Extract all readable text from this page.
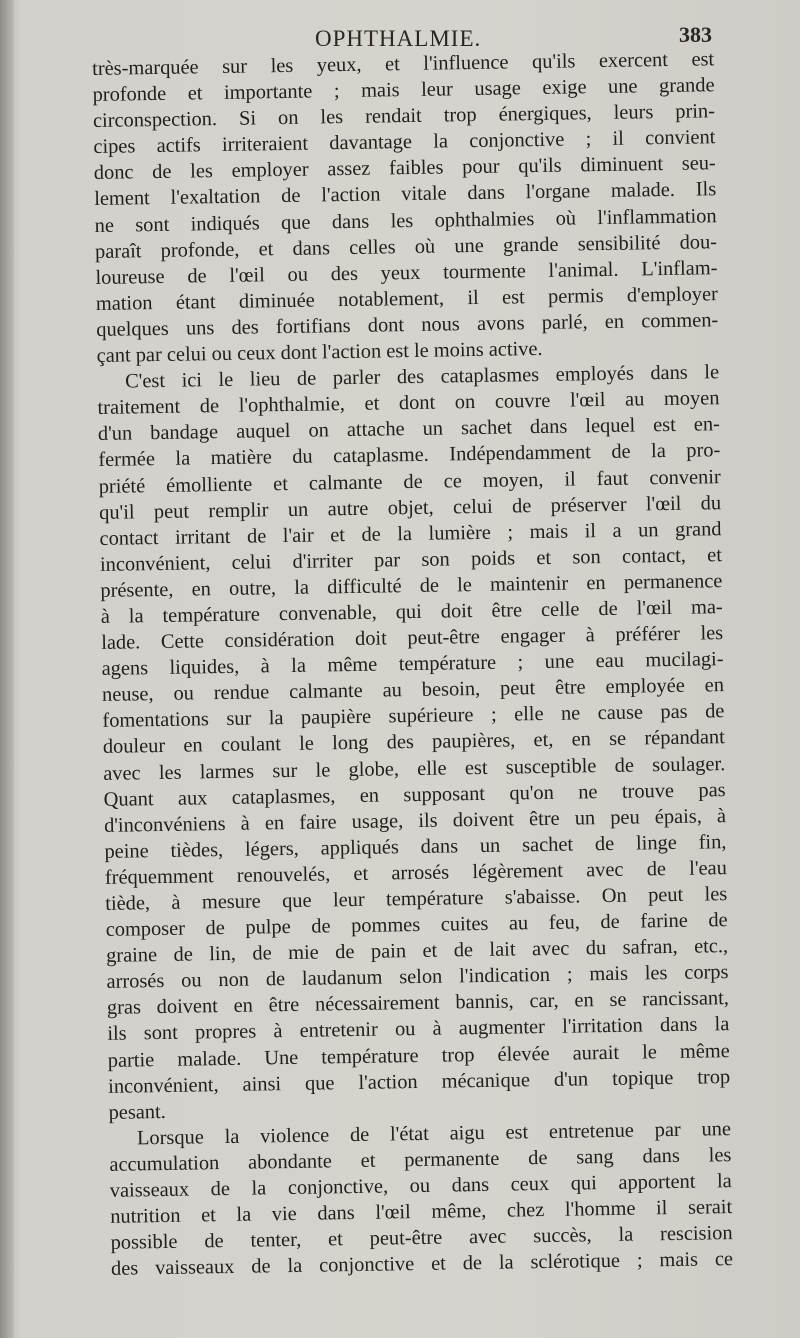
OPHTHALMIE.	383
très-marquée sur les yeux, et l'influence qu'ils exercent est
profonde et importante ; mais leur usage exige une grande
circonspection. Si on les rendait trop énergiques, leurs prin-
cipes actifs irriteraient davantage la conjonctive ; il convient
donc de les employer assez faibles pour qu'ils diminuent seu-
lement l'exaltation de l'action vitale dans l'organe malade. Ils
ne sont indiqués que dans les ophthalmies où l'inflammation
paraît profonde, et dans celles où une grande sensibilité dou-
loureuse de l'œil ou des yeux tourmente l'animal. L'inflam-
mation étant diminuée notablement, il est permis d'employer
quelques uns des fortifians dont nous avons parlé, en commen-
çant par celui ou ceux dont l'action est le moins active.
C'est ici le lieu de parler des cataplasmes employés dans le
traitement de l'ophthalmie, et dont on couvre l'œil au moyen
d'un bandage auquel on attache un sachet dans lequel est en-
fermée la matière du cataplasme. Indépendamment de la pro-
priété émolliente et calmante de ce moyen, il faut convenir
qu'il peut remplir un autre objet, celui de préserver l'œil du
contact irritant de l'air et de la lumière ; mais il a un grand
inconvénient, celui d'irriter par son poids et son contact, et
présente, en outre, la difficulté de le maintenir en permanence
à la température convenable, qui doit être celle de l'œil ma-
lade. Cette considération doit peut-être engager à préférer les
agens liquides, à la même température ; une eau mucilagi-
neuse, ou rendue calmante au besoin, peut être employée en
fomentations sur la paupière supérieure ; elle ne cause pas de
douleur en coulant le long des paupières, et, en se répandant
avec les larmes sur le globe, elle est susceptible de soulager.
Quant aux cataplasmes, en supposant qu'on ne trouve pas
d'inconvéniens à en faire usage, ils doivent être un peu épais, à
peine tièdes, légers, appliqués dans un sachet de linge fin,
fréquemment renouvelés, et arrosés légèrement avec de l'eau
tiède, à mesure que leur température s'abaisse. On peut les
composer de pulpe de pommes cuites au feu, de farine de
graine de lin, de mie de pain et de lait avec du safran, etc.,
arrosés ou non de laudanum selon l'indication ; mais les corps
gras doivent en être nécessairement bannis, car, en se rancissant,
ils sont propres à entretenir ou à augmenter l'irritation dans la
partie malade. Une température trop élevée aurait le même
inconvénient, ainsi que l'action mécanique d'un topique trop
pesant.
Lorsque la violence de l'état aigu est entretenue par une
accumulation abondante et permanente de sang dans les
vaisseaux de la conjonctive, ou dans ceux qui apportent la
nutrition et la vie dans l'œil même, chez l'homme il serait
possible de tenter, et peut-être avec succès, la rescision
des vaisseaux de la conjonctive et de la sclérotique ; mais ce
